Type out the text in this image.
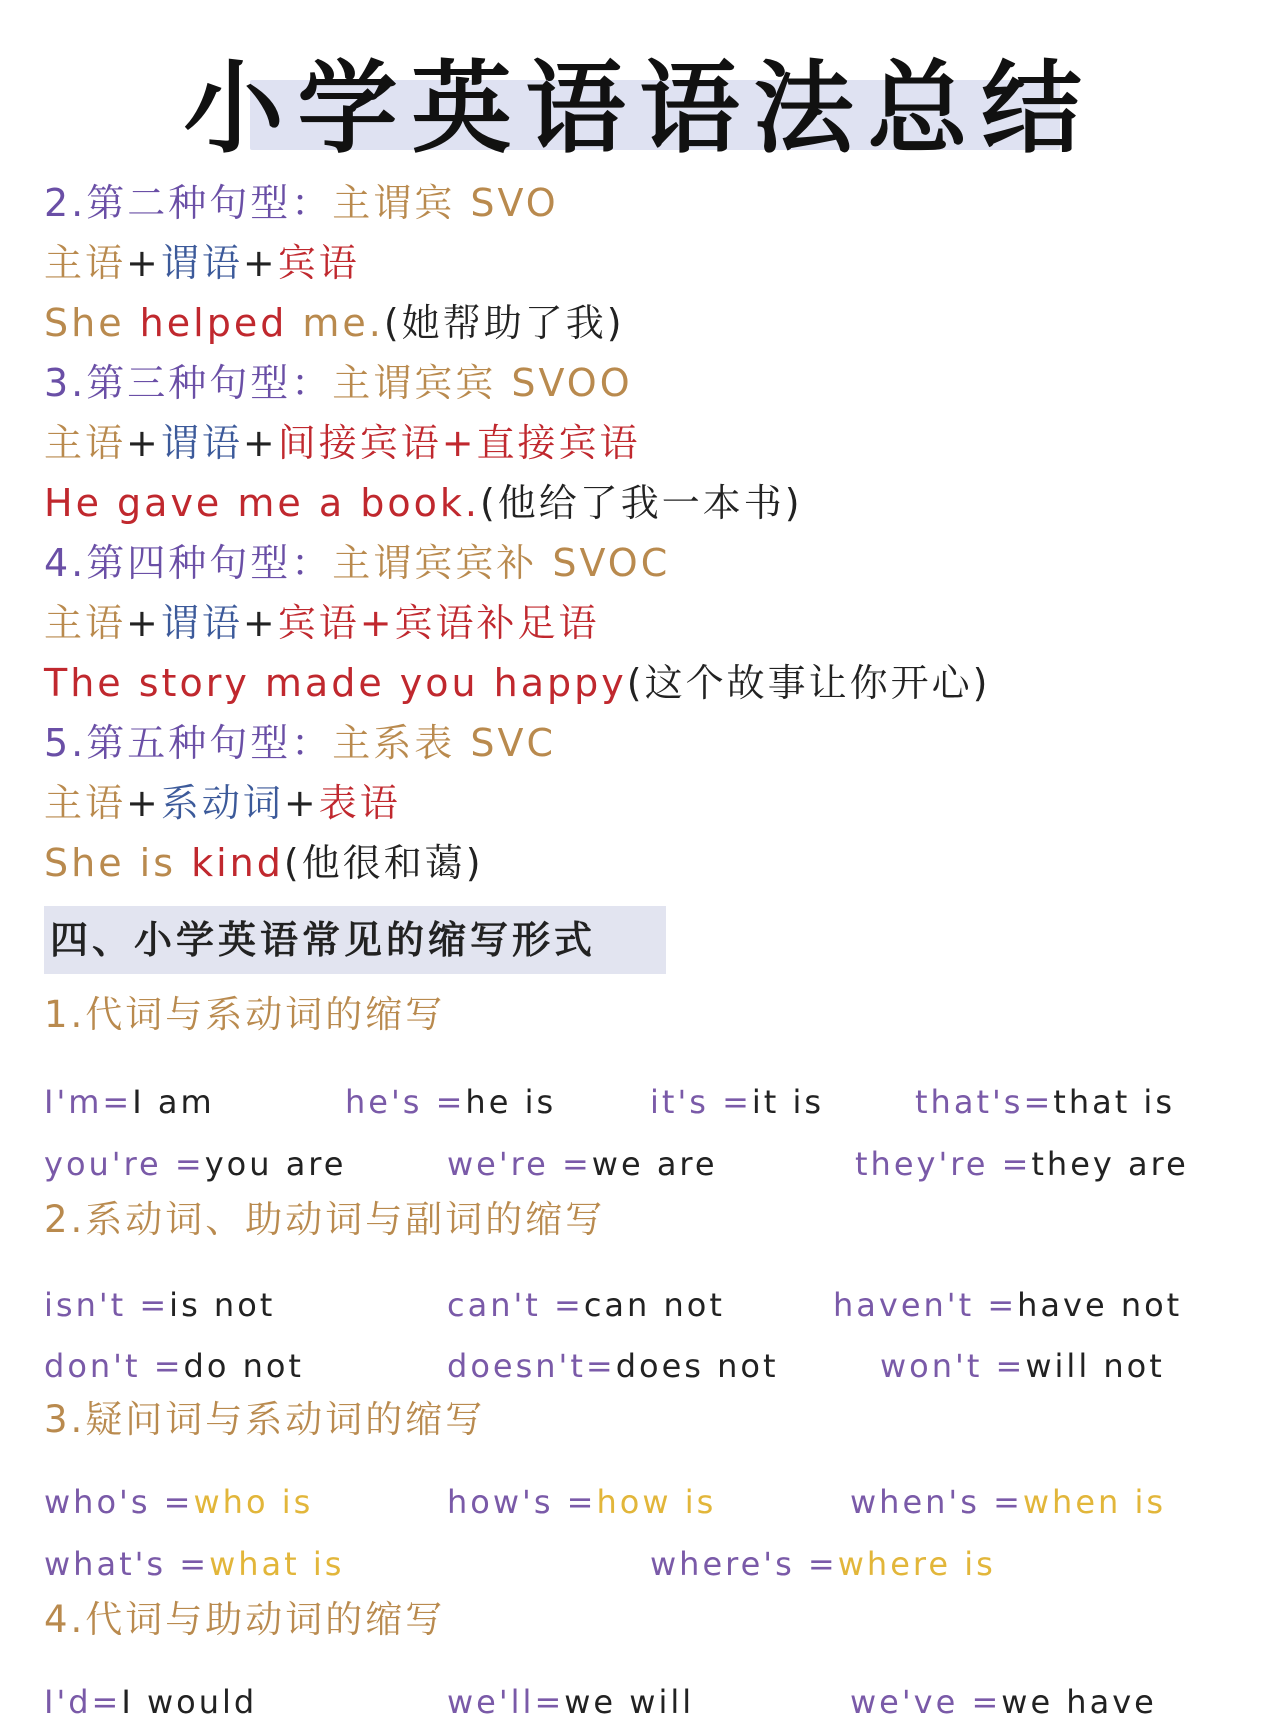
小学英语语法总结
2.第二种句型：主谓宾 SVO
主语+谓语+宾语
She helped me.(她帮助了我)
3.第三种句型：主谓宾宾 SVOO
主语+谓语+间接宾语+直接宾语
He gave me a book.(他给了我一本书)
4.第四种句型：主谓宾宾补 SVOC
主语+谓语+宾语+宾语补足语
The story made you happy(这个故事让你开心)
5.第五种句型：主系表 SVC
主语+系动词+表语
She is kind(他很和蔼)
四、小学英语常见的缩写形式
1.代词与系动词的缩写
I'm=I am	he's =he is	it's =it is	that's=that is
you're =you are	we're =we are	they're =they are
2.系动词、助动词与副词的缩写
isn't =is not	can't =can not	haven't =have not
don't =do not	doesn't=does not	won't =will not
3.疑问词与系动词的缩写
who's =who is	how's =how is	when's =when is
what's =what is	where's =where is
4.代词与助动词的缩写
I'd=I would	we'll=we will	we've =we have
